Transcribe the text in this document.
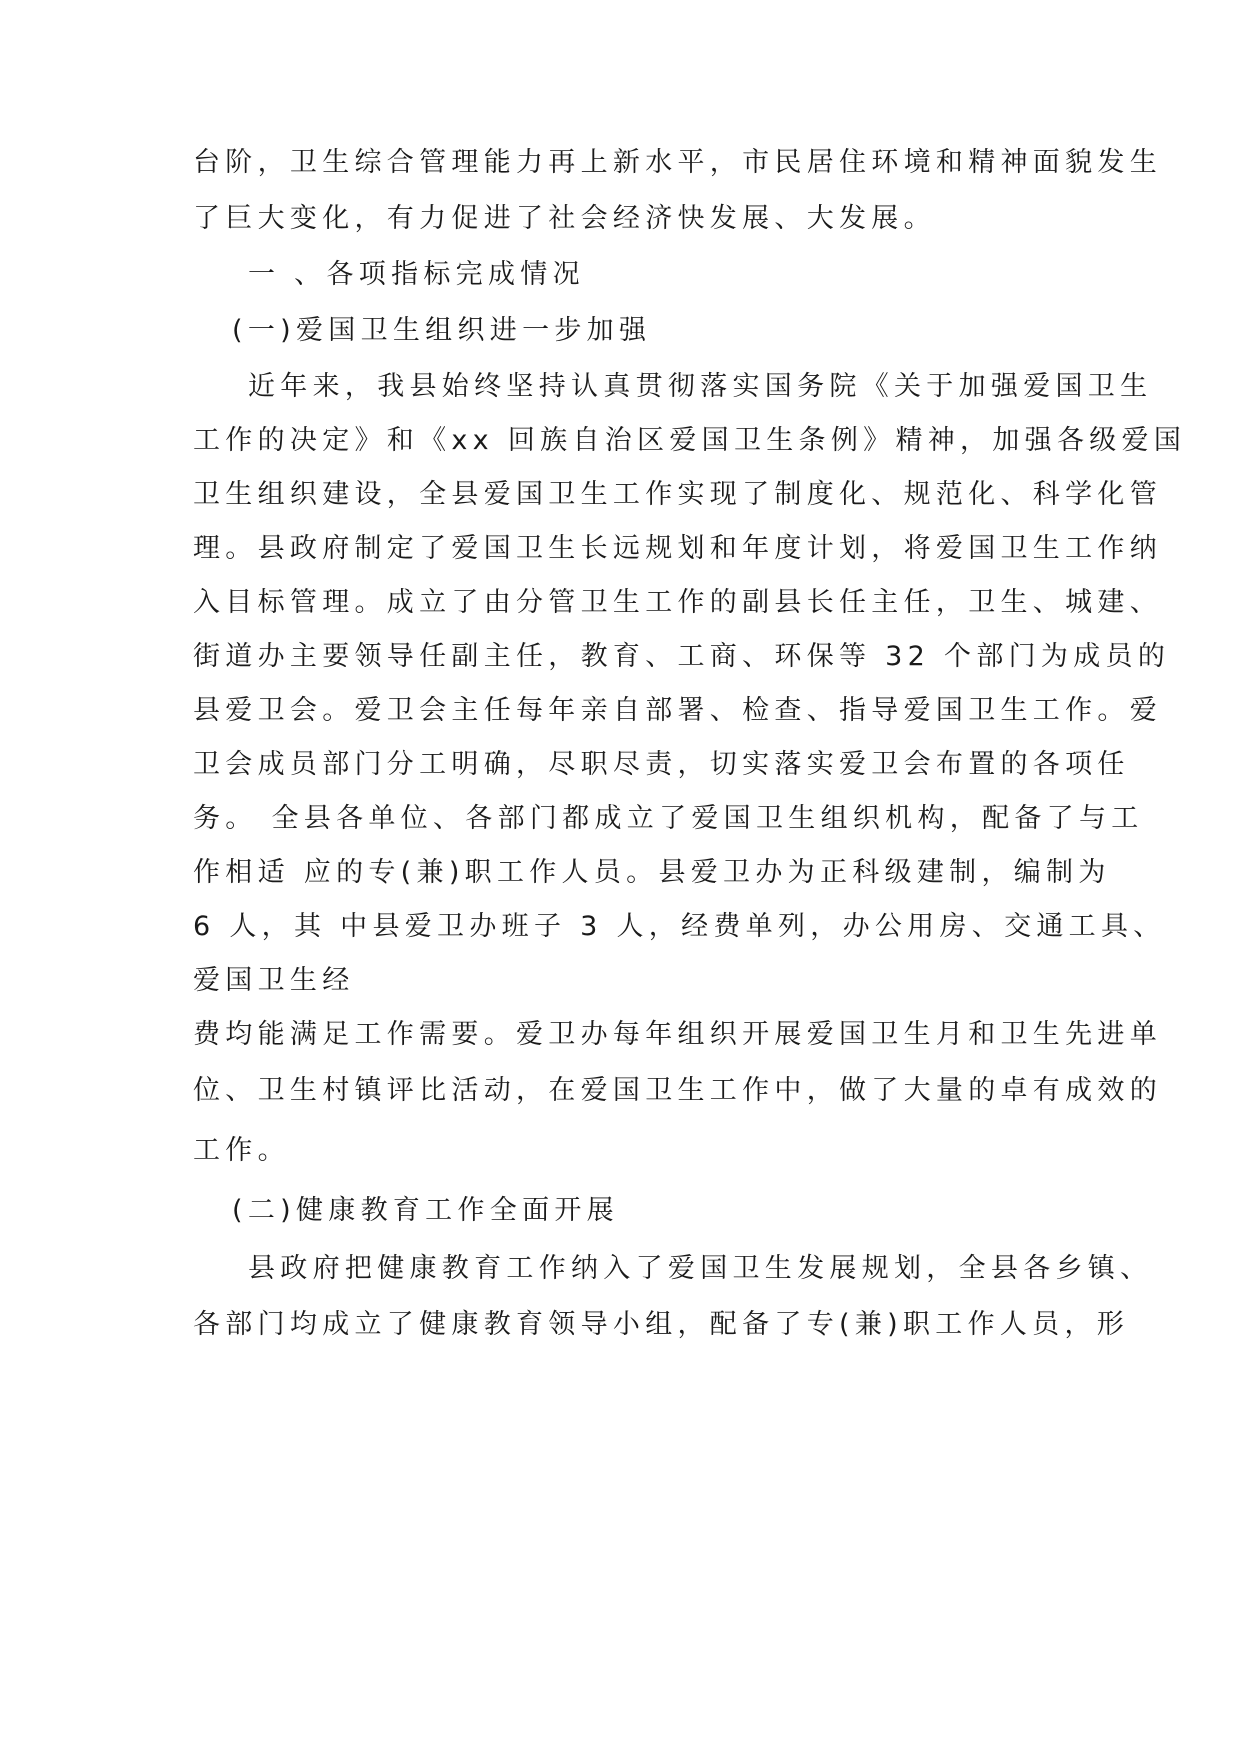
台阶，卫生综合管理能力再上新水平，市民居住环境和精神面貌发生
了巨大变化，有力促进了社会经济快发展、大发展。
一 、各项指标完成情况
(一)爱国卫生组织进一步加强
近年来，我县始终坚持认真贯彻落实国务院《关于加强爱国卫生
工作的决定》和《xx 回族自治区爱国卫生条例》精神，加强各级爱国
卫生组织建设，全县爱国卫生工作实现了制度化、规范化、科学化管
理。县政府制定了爱国卫生长远规划和年度计划，将爱国卫生工作纳
入目标管理。成立了由分管卫生工作的副县长任主任，卫生、城建、
街道办主要领导任副主任，教育、工商、环保等 32 个部门为成员的
县爱卫会。爱卫会主任每年亲自部署、检查、指导爱国卫生工作。爱
卫会成员部门分工明确，尽职尽责，切实落实爱卫会布置的各项任
务。 全县各单位、各部门都成立了爱国卫生组织机构，配备了与工
作相适 应的专(兼)职工作人员。县爱卫办为正科级建制，编制为
6 人，其 中县爱卫办班子 3 人，经费单列，办公用房、交通工具、
爱国卫生经
费均能满足工作需要。爱卫办每年组织开展爱国卫生月和卫生先进单
位、卫生村镇评比活动，在爱国卫生工作中，做了大量的卓有成效的
工作。
(二)健康教育工作全面开展
县政府把健康教育工作纳入了爱国卫生发展规划，全县各乡镇、
各部门均成立了健康教育领导小组，配备了专(兼)职工作人员，形
